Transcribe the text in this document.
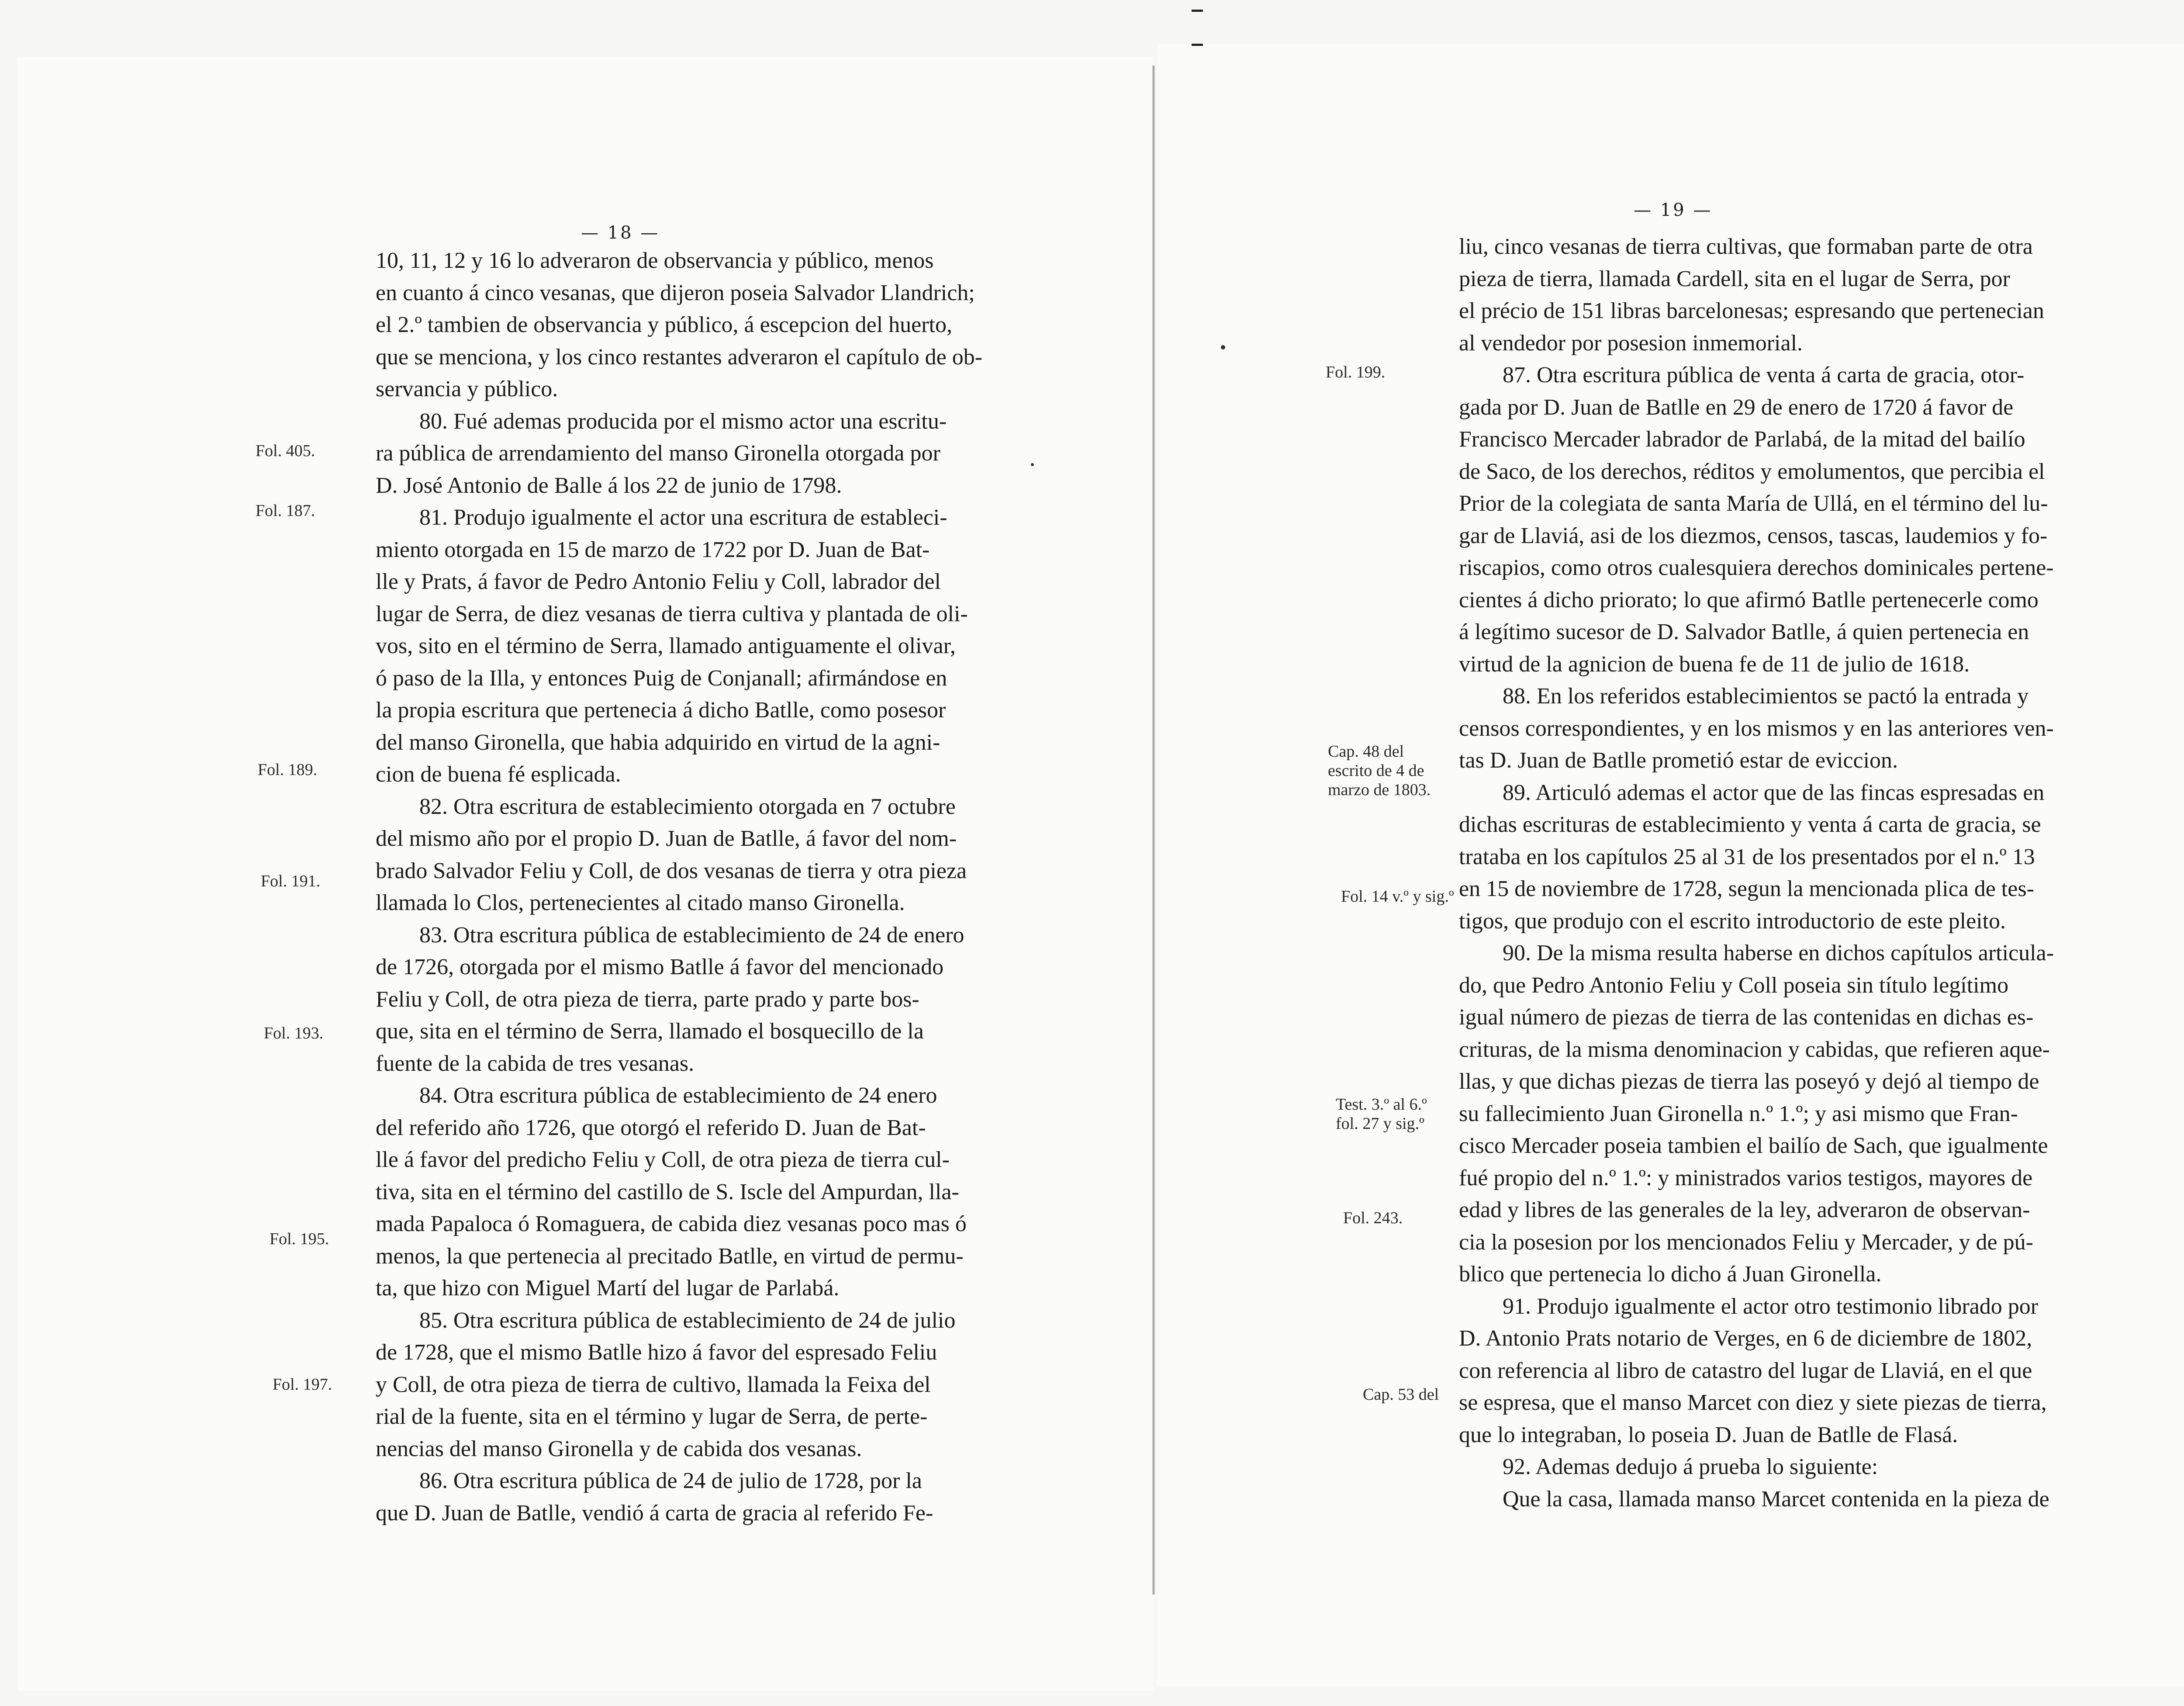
— 18 —
— 19 —

10, 11, 12 y 16 lo adveraron de observancia y público, menos

en cuanto á cinco vesanas, que dijeron poseia Salvador Llandrich;

el 2.º tambien de observancia y público, á escepcion del huerto,

que se menciona, y los cinco restantes adveraron el capítulo de ob-

servancia y público.

80. Fué ademas producida por el mismo actor una escritu-

ra pública de arrendamiento del manso Gironella otorgada por

D. José Antonio de Balle á los 22 de junio de 1798.

81. Produjo igualmente el actor una escritura de estableci-

miento otorgada en 15 de marzo de 1722 por D. Juan de Bat-

lle y Prats, á favor de Pedro Antonio Feliu y Coll, labrador del

lugar de Serra, de diez vesanas de tierra cultiva y plantada de oli-

vos, sito en el término de Serra, llamado antiguamente el olivar,

ó paso de la Illa, y entonces Puig de Conjanall; afirmándose en

la propia escritura que pertenecia á dicho Batlle, como posesor

del manso Gironella, que habia adquirido en virtud de la agni-

cion de buena fé esplicada.

82. Otra escritura de establecimiento otorgada en 7 octubre

del mismo año por el propio D. Juan de Batlle, á favor del nom-

brado Salvador Feliu y Coll, de dos vesanas de tierra y otra pieza

llamada lo Clos, pertenecientes al citado manso Gironella.

83. Otra escritura pública de establecimiento de 24 de enero

de 1726, otorgada por el mismo Batlle á favor del mencionado

Feliu y Coll, de otra pieza de tierra, parte prado y parte bos-

que, sita en el término de Serra, llamado el bosquecillo de la

fuente de la cabida de tres vesanas.

84. Otra escritura pública de establecimiento de 24 enero

del referido año 1726, que otorgó el referido D. Juan de Bat-

lle á favor del predicho Feliu y Coll, de otra pieza de tierra cul-

tiva, sita en el término del castillo de S. Iscle del Ampurdan, lla-

mada Papaloca ó Romaguera, de cabida diez vesanas poco mas ó

menos, la que pertenecia al precitado Batlle, en virtud de permu-

ta, que hizo con Miguel Martí del lugar de Parlabá.

85. Otra escritura pública de establecimiento de 24 de julio

de 1728, que el mismo Batlle hizo á favor del espresado Feliu

y Coll, de otra pieza de tierra de cultivo, llamada la Feixa del

rial de la fuente, sita en el término y lugar de Serra, de perte-

nencias del manso Gironella y de cabida dos vesanas.

86. Otra escritura pública de 24 de julio de 1728, por la

que D. Juan de Batlle, vendió á carta de gracia al referido Fe-

liu, cinco vesanas de tierra cultivas, que formaban parte de otra

pieza de tierra, llamada Cardell, sita en el lugar de Serra, por

el précio de 151 libras barcelonesas; espresando que pertenecian

al vendedor por posesion inmemorial.

87. Otra escritura pública de venta á carta de gracia, otor-

gada por D. Juan de Batlle en 29 de enero de 1720 á favor de

Francisco Mercader labrador de Parlabá, de la mitad del bailío

de Saco, de los derechos, réditos y emolumentos, que percibia el

Prior de la colegiata de santa María de Ullá, en el término del lu-

gar de Llaviá, asi de los diezmos, censos, tascas, laudemios y fo-

riscapios, como otros cualesquiera derechos dominicales pertene-

cientes á dicho priorato; lo que afirmó Batlle pertenecerle como

á legítimo sucesor de D. Salvador Batlle, á quien pertenecia en

virtud de la agnicion de buena fe de 11 de julio de 1618.

88. En los referidos establecimientos se pactó la entrada y

censos correspondientes, y en los mismos y en las anteriores ven-

tas D. Juan de Batlle prometió estar de eviccion.

89. Articuló ademas el actor que de las fincas espresadas en

dichas escrituras de establecimiento y venta á carta de gracia, se

trataba en los capítulos 25 al 31 de los presentados por el n.º 13

en 15 de noviembre de 1728, segun la mencionada plica de tes-

tigos, que produjo con el escrito introductorio de este pleito.

90. De la misma resulta haberse en dichos capítulos articula-

do, que Pedro Antonio Feliu y Coll poseia sin título legítimo

igual número de piezas de tierra de las contenidas en dichas es-

crituras, de la misma denominacion y cabidas, que refieren aque-

llas, y que dichas piezas de tierra las poseyó y dejó al tiempo de

su fallecimiento Juan Gironella n.º 1.º; y asi mismo que Fran-

cisco Mercader poseia tambien el bailío de Sach, que igualmente

fué propio del n.º 1.º: y ministrados varios testigos, mayores de

edad y libres de las generales de la ley, adveraron de observan-

cia la posesion por los mencionados Feliu y Mercader, y de pú-

blico que pertenecia lo dicho á Juan Gironella.

91. Produjo igualmente el actor otro testimonio librado por

D. Antonio Prats notario de Verges, en 6 de diciembre de 1802,

con referencia al libro de catastro del lugar de Llaviá, en el que

se espresa, que el manso Marcet con diez y siete piezas de tierra,

que lo integraban, lo poseia D. Juan de Batlle de Flasá.

92. Ademas dedujo á prueba lo siguiente:

Que la casa, llamada manso Marcet contenida en la pieza de

Fol. 405.
Fol. 187.
Fol. 189.
Fol. 191.
Fol. 193.
Fol. 195.
Fol. 197.
Fol. 199.
Cap. 48 del escrito de 4 de marzo de 1803.
Fol. 14 v.º y sig.º
Test. 3.º al 6.º fol. 27 y sig.º
Fol. 243.
Cap. 53 del
